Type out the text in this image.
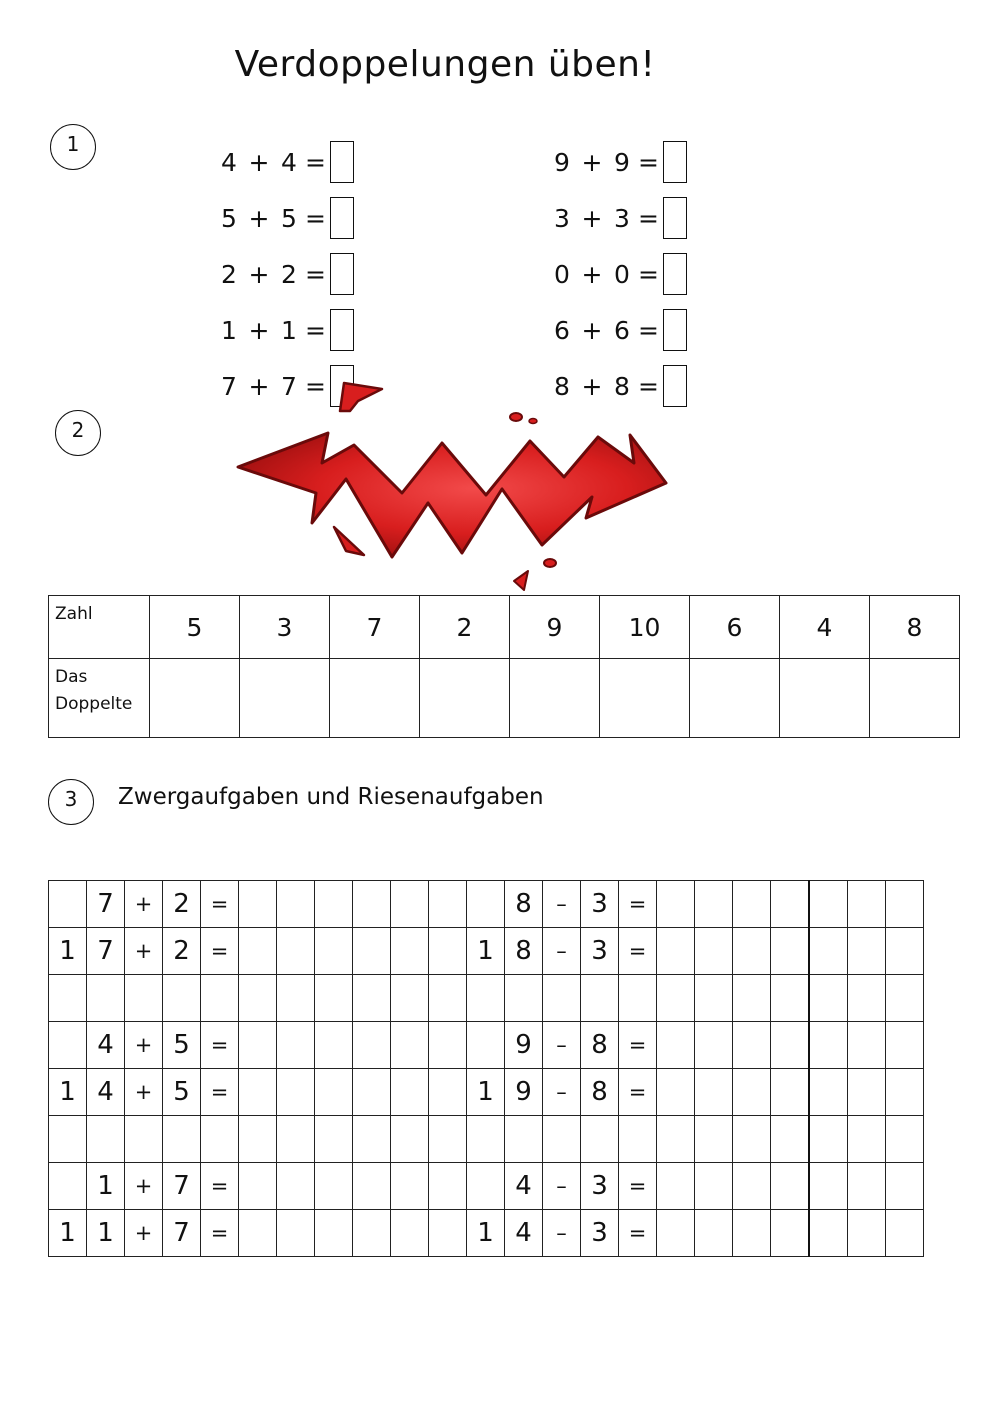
Verdoppelungen üben!
1
4 + 4 =
5 + 5 =
2 + 2 =
1 + 1 =
7 + 7 =
9 + 9 =
3 + 3 =
0 + 0 =
6 + 6 =
8 + 8 =
2
Zahl	5	3	7	2	9	10	6	4	8

Das
Doppelte									

3	Zwergaufgaben und Riesenaufgaben
	7	+	2	=								8	–	3	=							
1	7	+	2	=							1	8	–	3	=							

	4	+	5	=								9	–	8	=							
1	4	+	5	=							1	9	–	8	=							

	1	+	7	=								4	–	3	=							
1	1	+	7	=							1	4	–	3	=							
